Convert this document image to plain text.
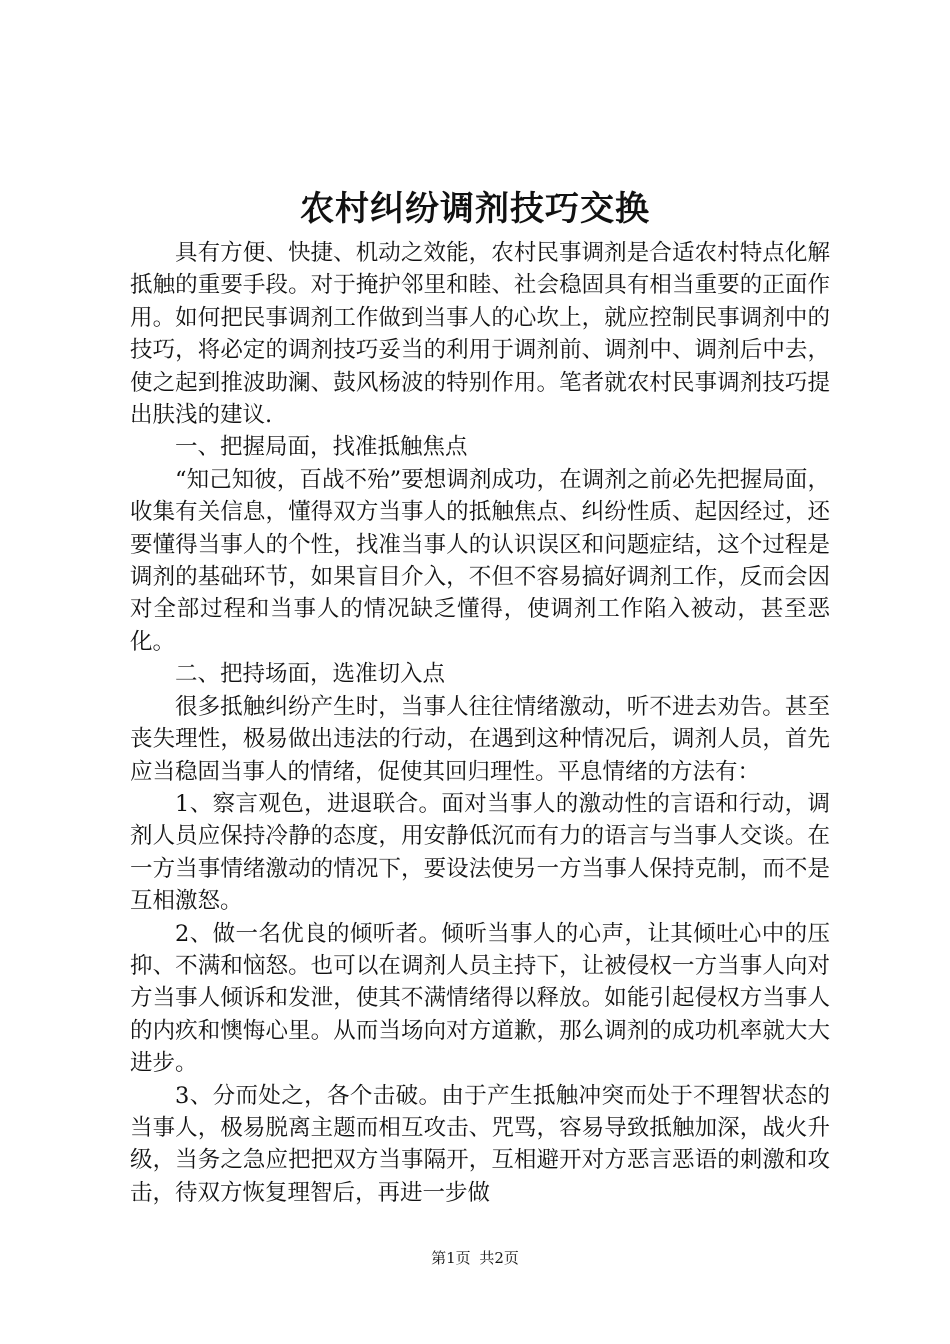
农村纠纷调剂技巧交换

具有方便、快捷、机动之效能，农村民事调剂是合适农村特点化解抵触的重要手段。对于掩护邻里和睦、社会稳固具有相当重要的正面作用。如何把民事调剂工作做到当事人的心坎上，就应控制民事调剂中的技巧，将必定的调剂技巧妥当的利用于调剂前、调剂中、调剂后中去，使之起到推波助澜、鼓风杨波的特别作用。笔者就农村民事调剂技巧提出肤浅的建议.

一、把握局面，找准抵触焦点

“知己知彼，百战不殆”要想调剂成功，在调剂之前必先把握局面，收集有关信息，懂得双方当事人的抵触焦点、纠纷性质、起因经过，还要懂得当事人的个性，找准当事人的认识误区和问题症结，这个过程是调剂的基础环节，如果盲目介入，不但不容易搞好调剂工作，反而会因对全部过程和当事人的情况缺乏懂得，使调剂工作陷入被动，甚至恶化。

二、把持场面，选准切入点

很多抵触纠纷产生时，当事人往往情绪激动，听不进去劝告。甚至丧失理性，极易做出违法的行动，在遇到这种情况后，调剂人员，首先应当稳固当事人的情绪，促使其回归理性。平息情绪的方法有：

1、察言观色，进退联合。面对当事人的激动性的言语和行动，调剂人员应保持冷静的态度，用安静低沉而有力的语言与当事人交谈。在一方当事情绪激动的情况下，要设法使另一方当事人保持克制，而不是互相激怒。

2、做一名优良的倾听者。倾听当事人的心声，让其倾吐心中的压抑、不满和恼怒。也可以在调剂人员主持下，让被侵权一方当事人向对方当事人倾诉和发泄，使其不满情绪得以释放。如能引起侵权方当事人的内疚和懊悔心里。从而当场向对方道歉，那么调剂的成功机率就大大进步。

3、分而处之，各个击破。由于产生抵触冲突而处于不理智状态的当事人，极易脱离主题而相互攻击、咒骂，容易导致抵触加深，战火升级，当务之急应把把双方当事隔开，互相避开对方恶言恶语的刺激和攻击，待双方恢复理智后，再进一步做

第1页 共2页
